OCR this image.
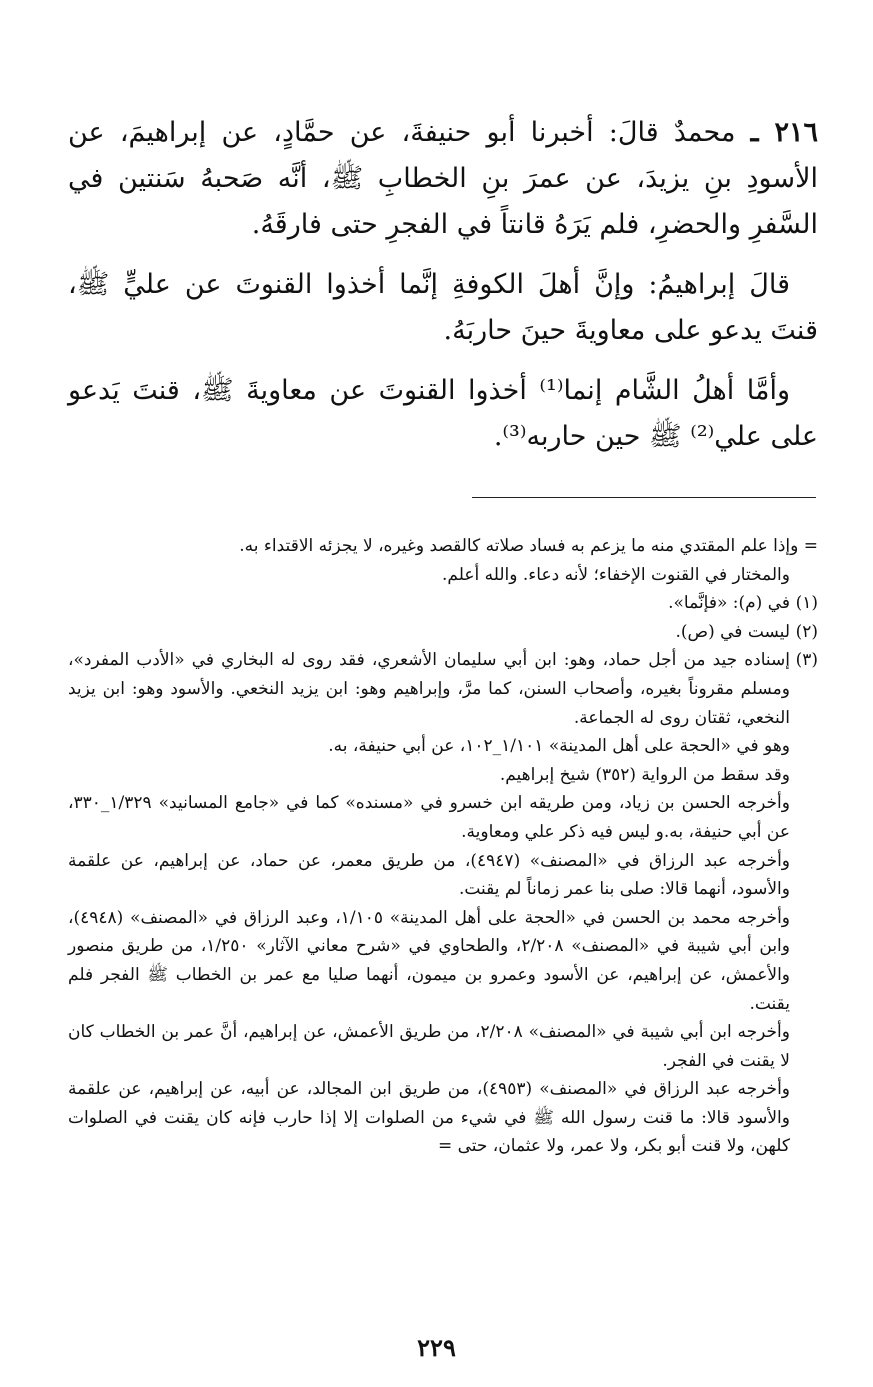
٢١٦ ـ محمدٌ قالَ: أخبرنا أبو حنيفةَ، عن حمَّادٍ، عن إبراهيمَ، عن الأسودِ بنِ يزيدَ، عن عمرَ بنِ الخطابِ ﷺ، أنَّه صَحبهُ سَنتين في السَّفرِ والحضرِ، فلم يَرَهُ قانتاً في الفجرِ حتى فارقَهُ.

قالَ إبراهيمُ: وإنَّ أهلَ الكوفةِ إنَّما أخذوا القنوتَ عن عليٍّ ﷺ، قنتَ يدعو على معاويةَ حينَ حاربَهُ.

وأمَّا أهلُ الشَّام إنما⁽¹⁾ أخذوا القنوتَ عن معاويةَ ﷺ، قنتَ يَدعو على علي⁽²⁾ ﷺ حين حاربه⁽³⁾.

= وإذا علم المقتدي منه ما يزعم به فساد صلاته كالقصد وغيره، لا يجزئه الاقتداء به.

والمختار في القنوت الإخفاء؛ لأنه دعاء. والله أعلم.

(١)
في (م): «فإنَّما».
(٢)
ليست في (ص).
(٣)
إسناده جيد من أجل حماد، وهو: ابن أبي سليمان الأشعري، فقد روى له البخاري في «الأدب المفرد»، ومسلم مقروناً بغيره، وأصحاب السنن، كما مرَّ، وإبراهيم وهو: ابن يزيد النخعي. والأسود وهو: ابن يزيد النخعي، ثقتان روى له الجماعة.

وهو في «الحجة على أهل المدينة» ١/١٠١_١٠٢، عن أبي حنيفة، به.

وقد سقط من الرواية (٣٥٢) شيخ إبراهيم.

وأخرجه الحسن بن زياد، ومن طريقه ابن خسرو في «مسنده» كما في «جامع المسانيد» ١/٣٢٩_٣٣٠، عن أبي حنيفة، به.و ليس فيه ذكر علي ومعاوية.

وأخرجه عبد الرزاق في «المصنف» (٤٩٤٧)، من طريق معمر، عن حماد، عن إبراهيم، عن علقمة والأسود، أنهما قالا: صلى بنا عمر زماناً لم يقنت.

وأخرجه محمد بن الحسن في «الحجة على أهل المدينة» ١/١٠٥، وعبد الرزاق في «المصنف» (٤٩٤٨)، وابن أبي شيبة في «المصنف» ٢/٢٠٨، والطحاوي في «شرح معاني الآثار» ١/٢٥٠، من طريق منصور والأعمش، عن إبراهيم، عن الأسود وعمرو بن ميمون، أنهما صليا مع عمر بن الخطاب ﷺ الفجر فلم يقنت.

وأخرجه ابن أبي شيبة في «المصنف» ٢/٢٠٨، من طريق الأعمش، عن إبراهيم، أنَّ عمر بن الخطاب كان لا يقنت في الفجر.

وأخرجه عبد الرزاق في «المصنف» (٤٩٥٣)، من طريق ابن المجالد، عن أبيه، عن إبراهيم، عن علقمة والأسود قالا: ما قنت رسول الله ﷺ في شيء من الصلوات إلا إذا حارب فإنه كان يقنت في الصلوات كلهن، ولا قنت أبو بكر، ولا عمر، ولا عثمان، حتى =

٢٢٩
